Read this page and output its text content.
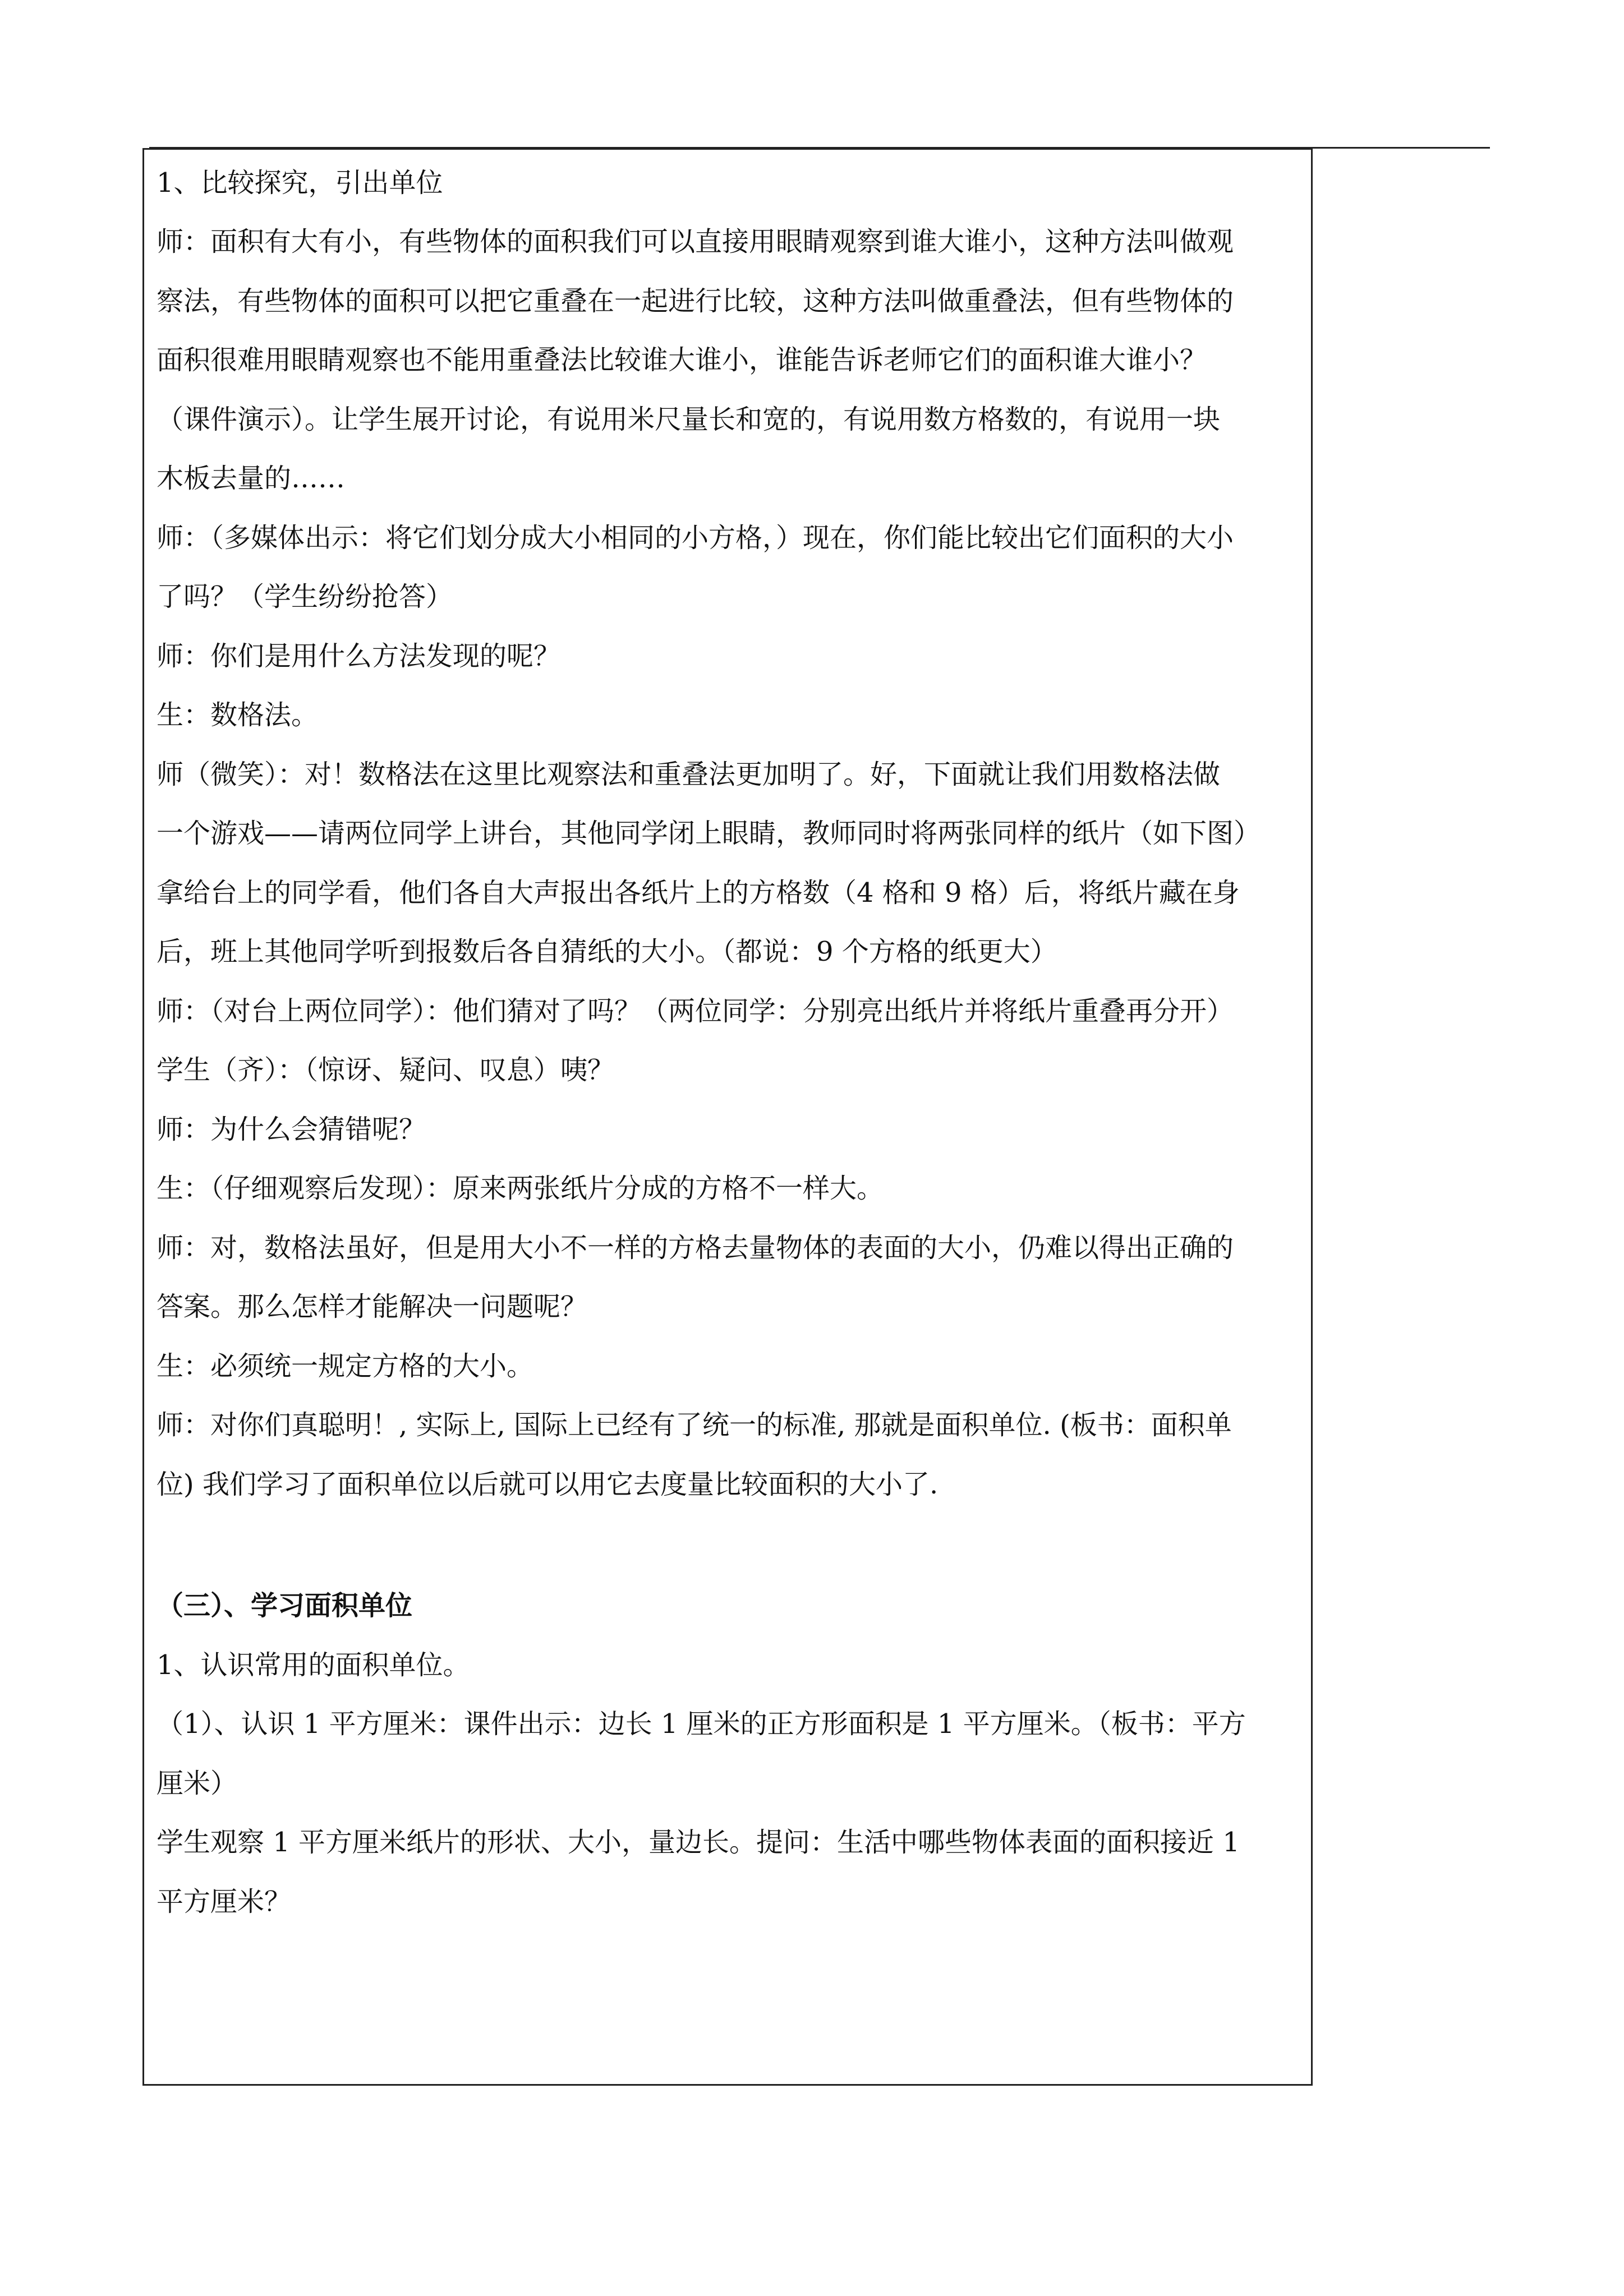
1、比较探究，引出单位
师：面积有大有小，有些物体的面积我们可以直接用眼睛观察到谁大谁小，这种方法叫做观
察法，有些物体的面积可以把它重叠在一起进行比较，这种方法叫做重叠法，但有些物体的
面积很难用眼睛观察也不能用重叠法比较谁大谁小，谁能告诉老师它们的面积谁大谁小？
（课件演示）。让学生展开讨论，有说用米尺量长和宽的，有说用数方格数的，有说用一块
木板去量的……
师：（多媒体出示：将它们划分成大小相同的小方格，）现在，你们能比较出它们面积的大小
了吗？（学生纷纷抢答）
师：你们是用什么方法发现的呢？
生：数格法。
师（微笑）：对！数格法在这里比观察法和重叠法更加明了。好，下面就让我们用数格法做
一个游戏——请两位同学上讲台，其他同学闭上眼睛，教师同时将两张同样的纸片（如下图）
拿给台上的同学看，他们各自大声报出各纸片上的方格数（4 格和 9 格）后，将纸片藏在身
后，班上其他同学听到报数后各自猜纸的大小。（都说：9 个方格的纸更大）
师：（对台上两位同学）：他们猜对了吗？（两位同学：分别亮出纸片并将纸片重叠再分开）
学生（齐）：（惊讶、疑问、叹息）咦？
师：为什么会猜错呢？
生：（仔细观察后发现）：原来两张纸片分成的方格不一样大。
师：对，数格法虽好，但是用大小不一样的方格去量物体的表面的大小，仍难以得出正确的
答案。那么怎样才能解决一问题呢？
生：必须统一规定方格的大小。
师：对你们真聪明！, 实际上, 国际上已经有了统一的标准, 那就是面积单位. (板书：面积单
位) 我们学习了面积单位以后就可以用它去度量比较面积的大小了.
（三）、学习面积单位
1、认识常用的面积单位。
（1）、认识 1 平方厘米：课件出示：边长 1 厘米的正方形面积是 1 平方厘米。（板书：平方
厘米）
学生观察 1 平方厘米纸片的形状、大小，量边长。提问：生活中哪些物体表面的面积接近 1
平方厘米？
